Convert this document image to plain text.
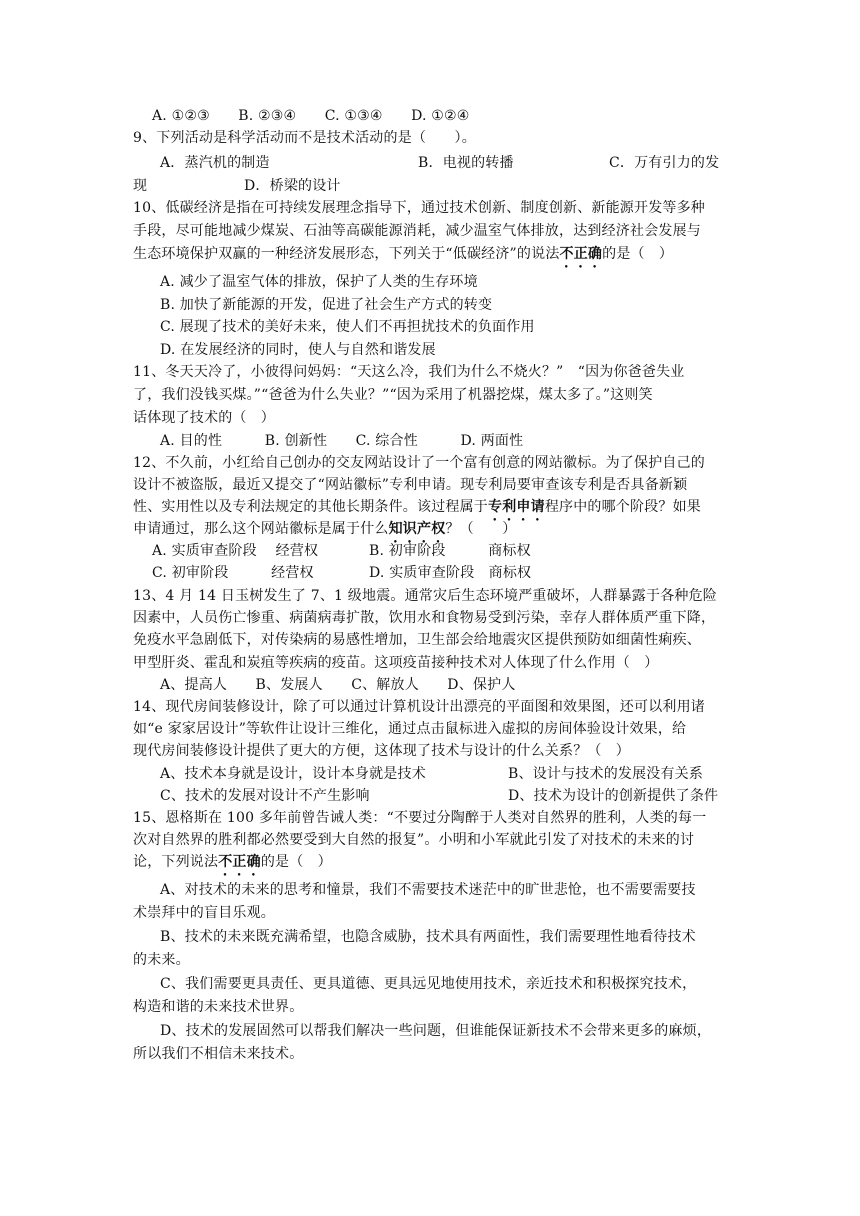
A. ①②③　　B. ②③④　　C. ①③④　　D. ①②④
9、下列活动是科学活动而不是技术活动的是（　　）。
A．蒸汽机的制造	B．电视的转播	C．万有引力的发
现	D．桥梁的设计
10、低碳经济是指在可持续发展理念指导下，通过技术创新、制度创新、新能源开发等多种
手段，尽可能地减少煤炭、石油等高碳能源消耗，减少温室气体排放，达到经济社会发展与
生态环境保护双赢的一种经济发展形态，下列关于“低碳经济”的说法不正确的是（　）
A. 减少了温室气体的排放，保护了人类的生存环境
B. 加快了新能源的开发，促进了社会生产方式的转变
C. 展现了技术的美好未来，使人们不再担扰技术的负面作用
D. 在发展经济的同时，使人与自然和谐发展
11、冬天天冷了，小彼得问妈妈：“天这么冷，我们为什么不烧火？”　“因为你爸爸失业
了，我们没钱买煤。”“爸爸为什么失业？”“因为采用了机器挖煤，煤太多了。”这则笑
话体现了技术的（　）
A. 目的性　　　B. 创新性　　C. 综合性　　　D. 两面性
12、不久前，小红给自己创办的交友网站设计了一个富有创意的网站徽标。为了保护自己的
设计不被盗版，最近又提交了“网站徽标”专利申请。现专利局要审查该专利是否具备新颖
性、实用性以及专利法规定的其他长期条件。该过程属于专利申请程序中的哪个阶段？如果
申请通过，那么这个网站徽标是属于什么知识产权？（　　）
A. 实质审查阶段　 经营权	B. 初审阶段　　　商标权
C. 初审阶段　　　经营权	D. 实质审查阶段　商标权
13、4 月 14 日玉树发生了 7、1 级地震。通常灾后生态环境严重破坏，人群暴露于各种危险
因素中，人员伤亡惨重、病菌病毒扩散，饮用水和食物易受到污染，幸存人群体质严重下降，
免疫水平急剧低下，对传染病的易感性增加，卫生部会给地震灾区提供预防如细菌性痢疾、
甲型肝炎、霍乱和炭疽等疾病的疫苗。这项疫苗接种技术对人体现了什么作用（　）
A、提高人　　B、发展人　　C、解放人　　D、保护人
14、现代房间装修设计，除了可以通过计算机设计出漂亮的平面图和效果图，还可以利用诸
如“e 家家居设计”等软件让设计三维化，通过点击鼠标进入虚拟的房间体验设计效果，给
现代房间装修设计提供了更大的方便，这体现了技术与设计的什么关系？（　）
A、技术本身就是设计，设计本身就是技术	B、设计与技术的发展没有关系
C、技术的发展对设计不产生影响	D、技术为设计的创新提供了条件
15、恩格斯在 100 多年前曾告诫人类：“不要过分陶醉于人类对自然界的胜利，人类的每一
次对自然界的胜利都必然要受到大自然的报复”。小明和小军就此引发了对技术的未来的讨
论，下列说法不正确的是（　）
A、对技术的未来的思考和憧景，我们不需要技术迷茫中的旷世悲怆，也不需要需要技
术崇拜中的盲目乐观。
B、技术的未来既充满希望，也隐含威胁，技术具有两面性，我们需要理性地看待技术
的未来。
C、我们需要更具责任、更具道德、更具远见地使用技术，亲近技术和积极探究技术，
构造和谐的未来技术世界。
D、技术的发展固然可以帮我们解决一些问题，但谁能保证新技术不会带来更多的麻烦，
所以我们不相信未来技术。
